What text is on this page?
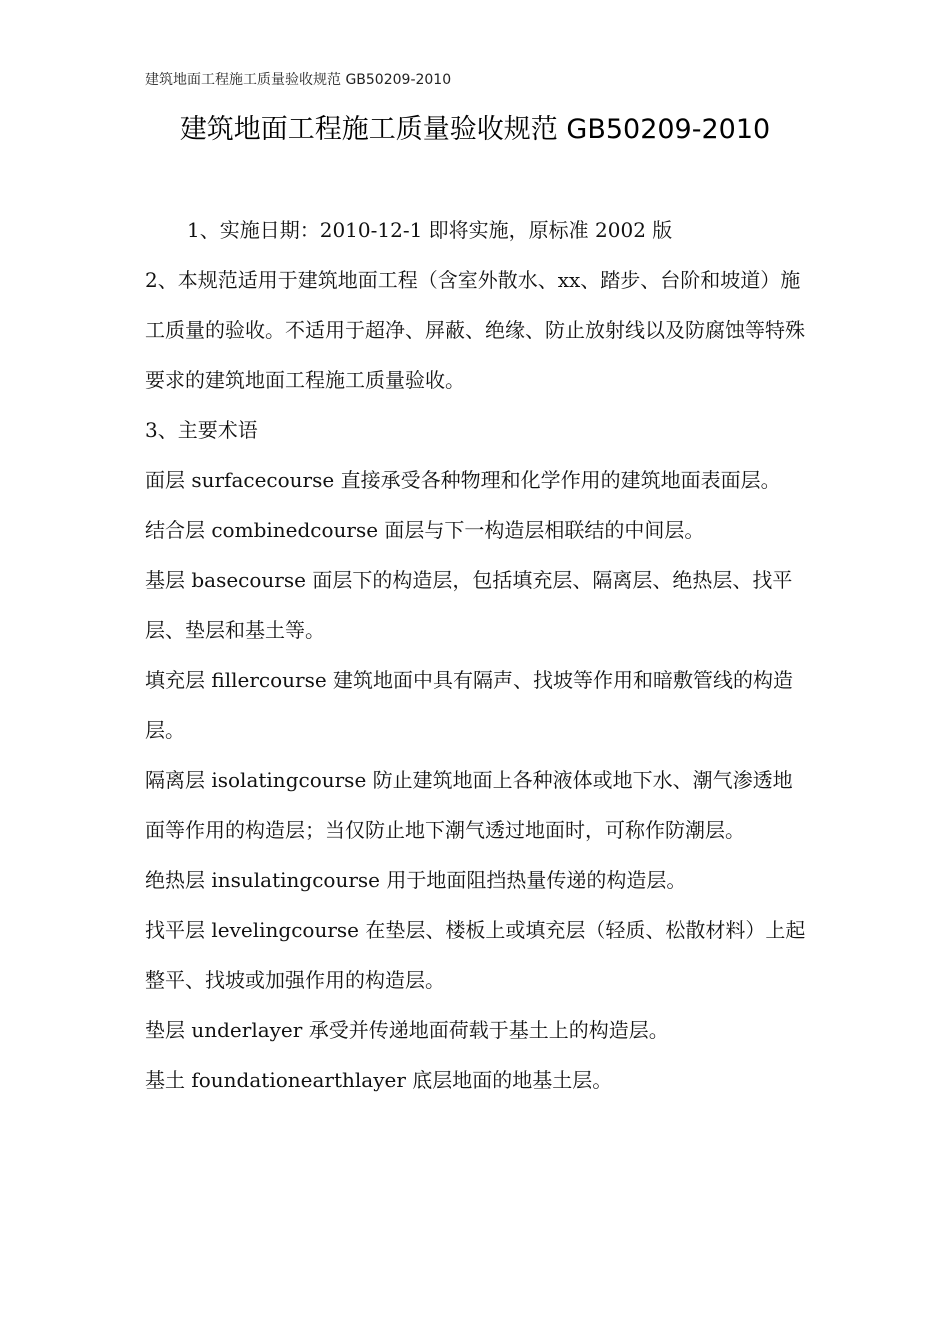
建筑地面工程施工质量验收规范 GB50209-2010
建筑地面工程施工质量验收规范 GB50209-2010

1、实施日期：2010-12-1 即将实施，原标准 2002 版

2、本规范适用于建筑地面工程（含室外散水、xx、踏步、台阶和坡道）施工质量的验收。不适用于超净、屏蔽、绝缘、防止放射线以及防腐蚀等特殊要求的建筑地面工程施工质量验收。

3、主要术语

面层 surfacecourse 直接承受各种物理和化学作用的建筑地面表面层。

结合层 combinedcourse 面层与下一构造层相联结的中间层。

基层 basecourse 面层下的构造层，包括填充层、隔离层、绝热层、找平层、垫层和基土等。

填充层 fillercourse 建筑地面中具有隔声、找坡等作用和暗敷管线的构造层。

隔离层 isolatingcourse 防止建筑地面上各种液体或地下水、潮气渗透地面等作用的构造层；当仅防止地下潮气透过地面时，可称作防潮层。

绝热层 insulatingcourse 用于地面阻挡热量传递的构造层。

找平层 levelingcourse 在垫层、楼板上或填充层（轻质、松散材料）上起整平、找坡或加强作用的构造层。

垫层 underlayer 承受并传递地面荷载于基土上的构造层。

基土 foundationearthlayer 底层地面的地基土层。
